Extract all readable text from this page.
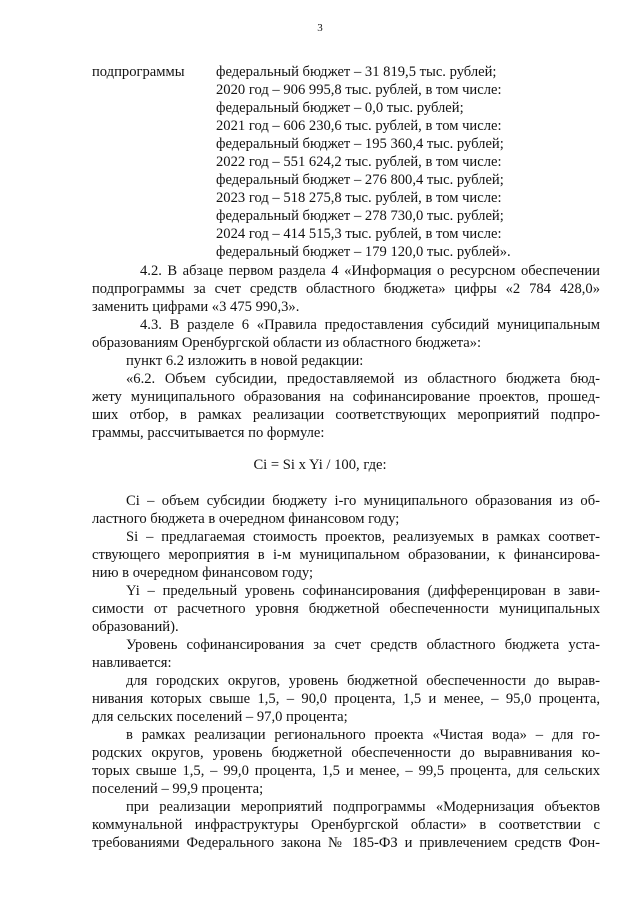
3
подпрограммы федеральный бюджет – 31 819,5 тыс. рублей;
2020 год – 906 995,8 тыс. рублей, в том числе:
федеральный бюджет – 0,0 тыс. рублей;
2021 год – 606 230,6 тыс. рублей, в том числе:
федеральный бюджет – 195 360,4 тыс. рублей;
2022 год – 551 624,2 тыс. рублей, в том числе:
федеральный бюджет – 276 800,4 тыс. рублей;
2023 год – 518 275,8 тыс. рублей, в том числе:
федеральный бюджет – 278 730,0 тыс. рублей;
2024 год – 414 515,3 тыс. рублей, в том числе:
федеральный бюджет – 179 120,0 тыс. рублей».
4.2. В абзаце первом раздела 4 «Информация о ресурсном обеспечении
подпрограммы за счет средств областного бюджета» цифры «2 784 428,0»
заменить цифрами «3 475 990,3».
4.3. В разделе 6 «Правила предоставления субсидий муниципальным
образованиям Оренбургской области из областного бюджета»:
пункт 6.2 изложить в новой редакции:
«6.2. Объем субсидии, предоставляемой из областного бюджета бюд-
жету муниципального образования на софинансирование проектов, прошед-
ших отбор, в рамках реализации соответствующих мероприятий подпро-
граммы, рассчитывается по формуле:
Ci = Si x Yi / 100, где:
Ci – объем субсидии бюджету i-го муниципального образования из об-
ластного бюджета в очередном финансовом году;
Si – предлагаемая стоимость проектов, реализуемых в рамках соответ-
ствующего мероприятия в i-м муниципальном образовании, к финансирова-
нию в очередном финансовом году;
Yi – предельный уровень софинансирования (дифференцирован в зави-
симости от расчетного уровня бюджетной обеспеченности муниципальных
образований).
Уровень софинансирования за счет средств областного бюджета уста-
навливается:
для городских округов, уровень бюджетной обеспеченности до вырав-
нивания которых свыше 1,5, – 90,0 процента, 1,5 и менее, – 95,0 процента,
для сельских поселений – 97,0 процента;
в рамках реализации регионального проекта «Чистая вода» – для го-
родских округов, уровень бюджетной обеспеченности до выравнивания ко-
торых свыше 1,5, – 99,0 процента, 1,5 и менее, – 99,5 процента, для сельских
поселений – 99,9 процента;
при реализации мероприятий подпрограммы «Модернизация объектов
коммунальной инфраструктуры Оренбургской области» в соответствии с
требованиями Федерального закона № 185-ФЗ и привлечением средств Фон-
